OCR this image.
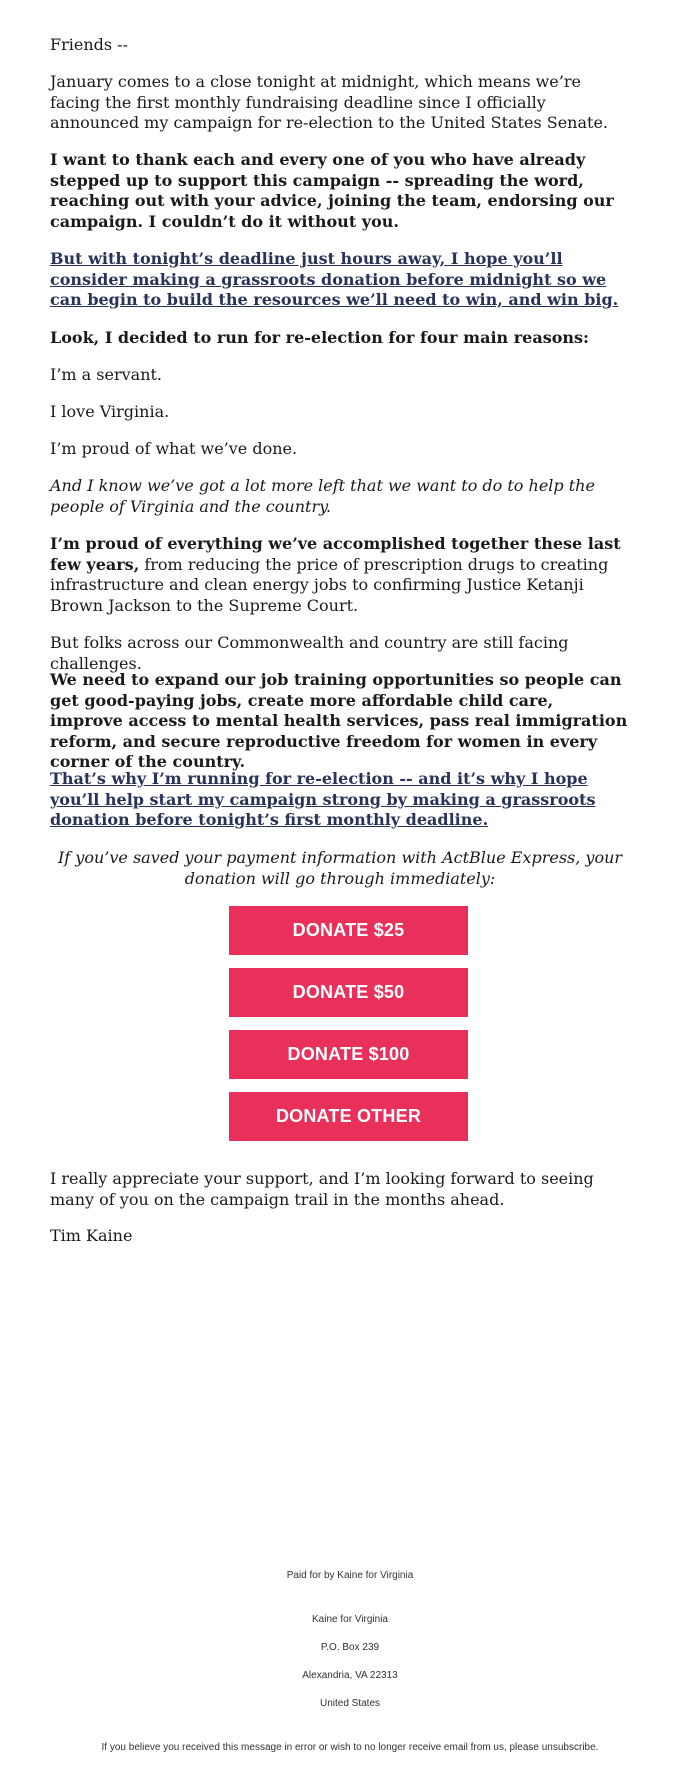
Friends --

January comes to a close tonight at midnight, which means we’re facing the first monthly fundraising deadline since I officially announced my campaign for re-election to the United States Senate.

I want to thank each and every one of you who have already stepped up to support this campaign -- spreading the word, reaching out with your advice, joining the team, endorsing our campaign. I couldn’t do it without you.

But with tonight’s deadline just hours away, I hope you’ll consider making a grassroots donation before midnight so we can begin to build the resources we’ll need to win, and win big.

Look, I decided to run for re-election for four main reasons:

I’m a servant.

I love Virginia.

I’m proud of what we’ve done.

And I know we’ve got a lot more left that we want to do to help the people of Virginia and the country.

I’m proud of everything we’ve accomplished together these last few years, from reducing the price of prescription drugs to creating infrastructure and clean energy jobs to confirming Justice Ketanji Brown Jackson to the Supreme Court.

But folks across our Commonwealth and country are still facing challenges.

We need to expand our job training opportunities so people can get good-paying jobs, create more affordable child care, improve access to mental health services, pass real immigration reform, and secure reproductive freedom for women in every corner of the country.

That’s why I’m running for re-election -- and it’s why I hope you’ll help start my campaign strong by making a grassroots donation before tonight’s first monthly deadline.

If you’ve saved your payment information with ActBlue Express, your donation will go through immediately:

I really appreciate your support, and I’m looking forward to seeing many of you on the campaign trail in the months ahead.

Tim Kaine

DONATE $25
DONATE $50
DONATE $100
DONATE OTHER
Paid for by Kaine for Virginia
Kaine for Virginia
P.O. Box 239
Alexandria, VA 22313
United States
If you believe you received this message in error or wish to no longer receive email from us, please unsubscribe.
